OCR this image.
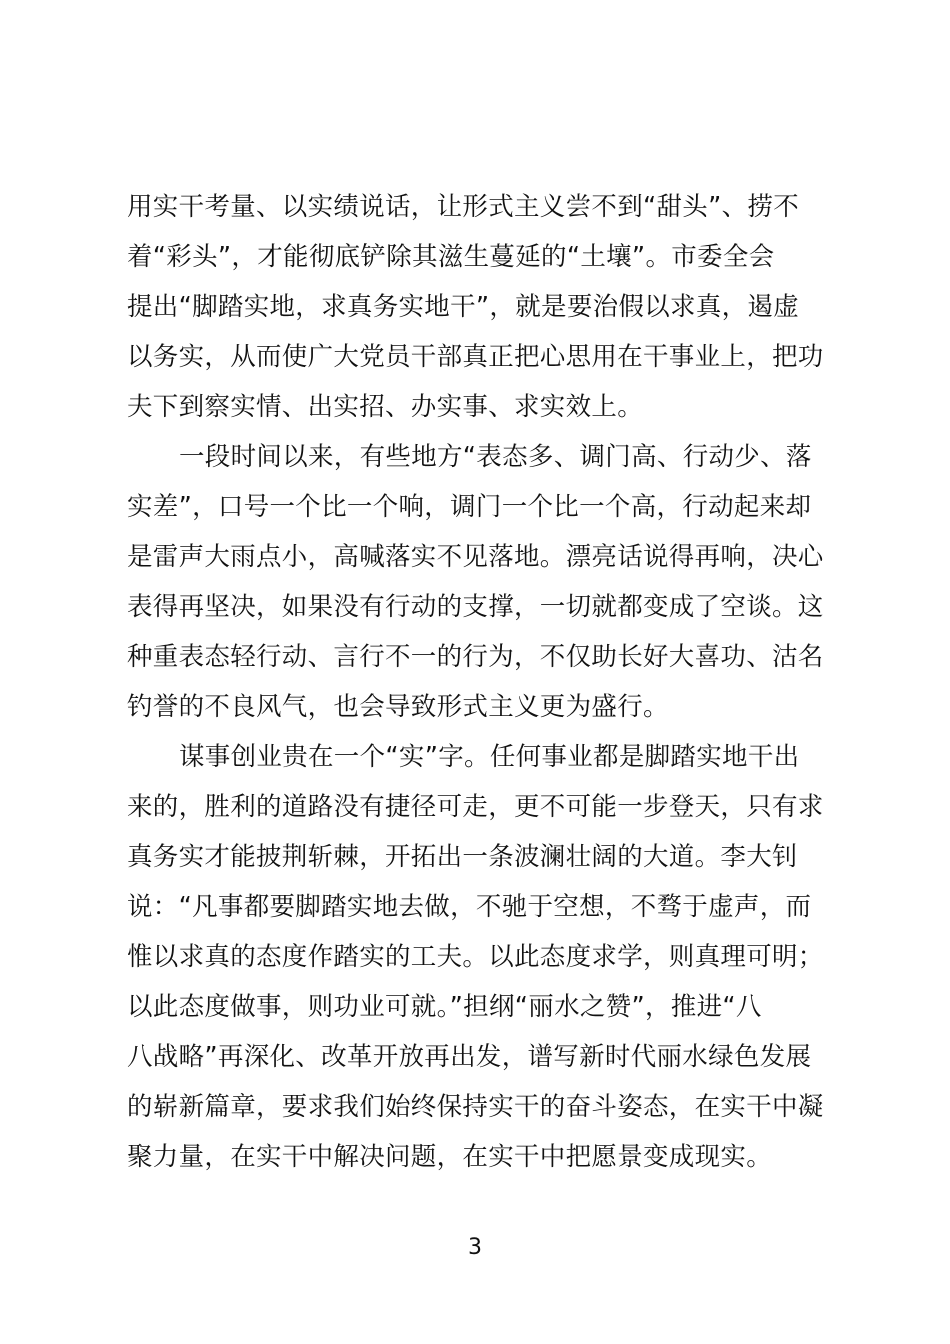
用实干考量、以实绩说话，让形式主义尝不到“甜头”、捞不
着“彩头”，才能彻底铲除其滋生蔓延的“土壤”。市委全会
提出“脚踏实地，求真务实地干”，就是要治假以求真，遏虚
以务实，从而使广大党员干部真正把心思用在干事业上，把功
夫下到察实情、出实招、办实事、求实效上。
一段时间以来，有些地方“表态多、调门高、行动少、落
实差”，口号一个比一个响，调门一个比一个高，行动起来却
是雷声大雨点小，高喊落实不见落地。漂亮话说得再响，决心
表得再坚决，如果没有行动的支撑，一切就都变成了空谈。这
种重表态轻行动、言行不一的行为，不仅助长好大喜功、沽名
钓誉的不良风气，也会导致形式主义更为盛行。
谋事创业贵在一个“实”字。任何事业都是脚踏实地干出
来的，胜利的道路没有捷径可走，更不可能一步登天，只有求
真务实才能披荆斩棘，开拓出一条波澜壮阔的大道。李大钊
说：“凡事都要脚踏实地去做，不驰于空想，不骛于虚声，而
惟以求真的态度作踏实的工夫。以此态度求学，则真理可明；
以此态度做事，则功业可就。”担纲“丽水之赞”，推进“八
八战略”再深化、改革开放再出发，谱写新时代丽水绿色发展
的崭新篇章，要求我们始终保持实干的奋斗姿态，在实干中凝
聚力量，在实干中解决问题，在实干中把愿景变成现实。
3
